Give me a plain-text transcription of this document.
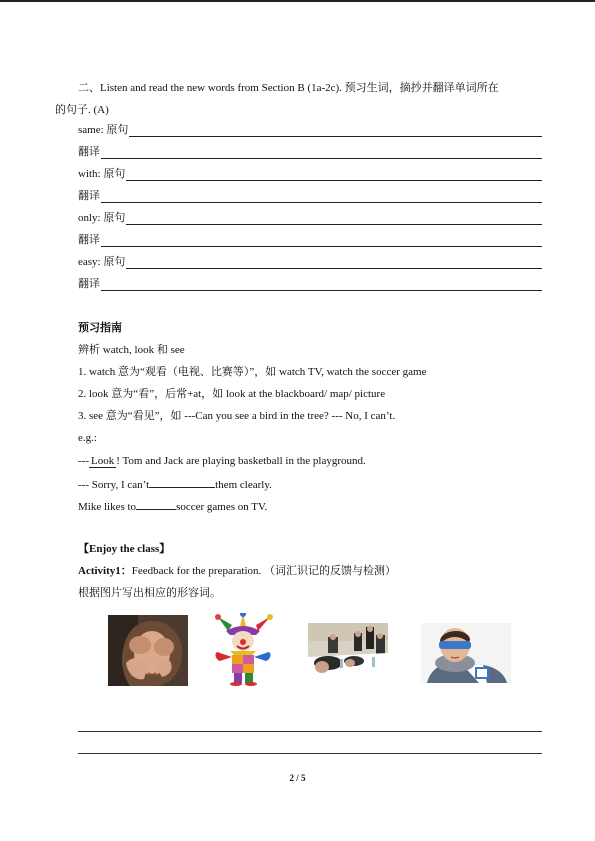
二、Listen and read the new words from Section B (1a-2c). 预习生词，摘抄并翻译单词所在
的句子. (A)
same: 原句
翻译
with: 原句
翻译
only: 原句
翻译
easy: 原句
翻译
预习指南
辨析 watch, look 和 see
1. watch 意为“观看（电视、比赛等）”，如 watch TV, watch the soccer game
2. look 意为“看”，后常+at，如 look at the blackboard/ map/ picture
3. see 意为“看见”，如 ---Can you see a bird in the tree? --- No, I can’t.
e.g.:
--- Look ! Tom and Jack are playing basketball in the playground.
--- Sorry, I can’t	them clearly.
Mike likes to	soccer games on TV.
【Enjoy the class】
Activity1：Feedback for the preparation. （词汇识记的反馈与检测）
根据图片写出相应的形容词。
2 / 5
